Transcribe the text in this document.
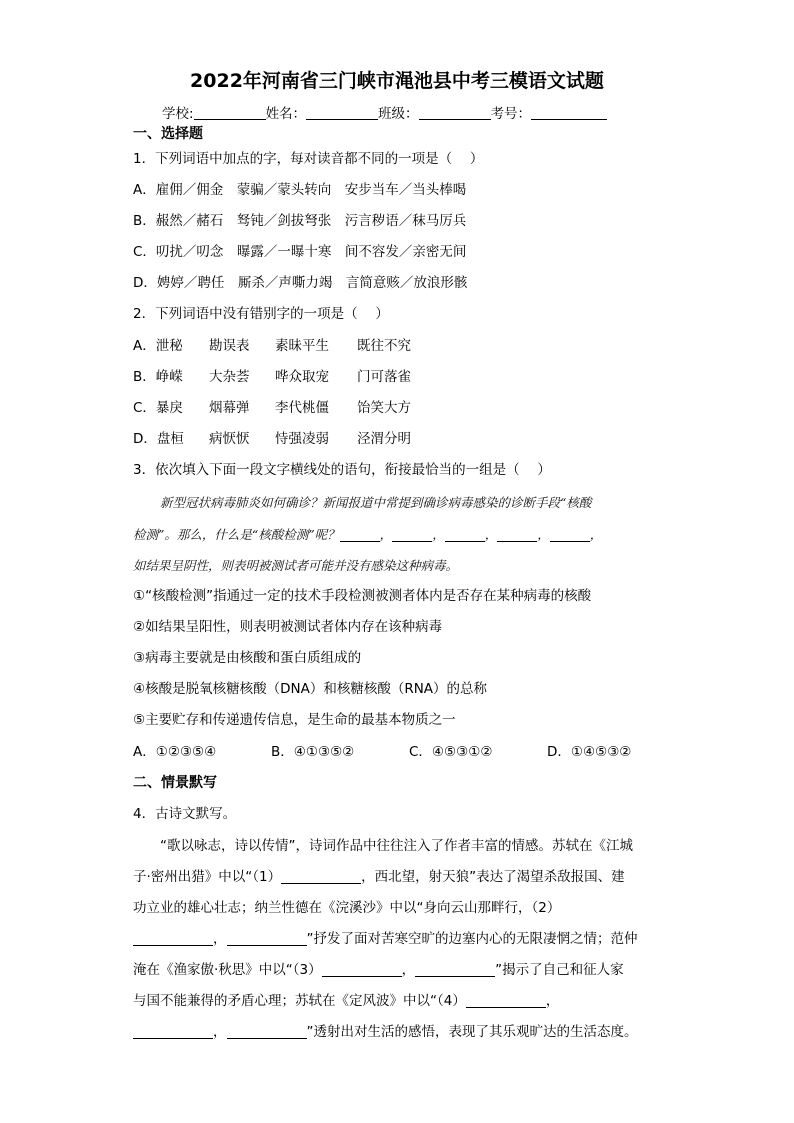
2022年河南省三门峡市渑池县中考三模语文试题
学校:	姓名：	班级：	考号：
一、选择题
1．下列词语中加点的字，每对读音都不同的一项是（　 ）
A．雇佣／佣金　蒙骗／蒙头转向　安步当车／当头棒喝
B．赧然／赭石　驽钝／剑拔弩张　污言秽语／秣马厉兵
C．叨扰／叨念　曝露／一曝十寒　间不容发／亲密无间
D．娉婷／聘任　厮杀／声嘶力竭　言简意赅／放浪形骸
2．下列词语中没有错别字的一项是（　 ）
A．泄秘 勘误表 素昧平生 既往不究
B．峥嵘 大杂荟 哗众取宠 门可落雀
C．暴戾 烟幕弹 李代桃僵 饴笑大方
D．盘桓 病恹恹 恃强凌弱 泾渭分明
3．依次填入下面一段文字横线处的语句，衔接最恰当的一组是（　 ）
新型冠状病毒肺炎如何确诊？新闻报道中常提到确诊病毒感染的诊断手段“核酸
检测”。那么，什么是“核酸检测”呢？	，	，	，	，	，
如结果呈阴性，则表明被测试者可能并没有感染这种病毒。
①“核酸检测”指通过一定的技术手段检测被测者体内是否存在某种病毒的核酸
②如结果呈阳性，则表明被测试者体内存在该种病毒
③病毒主要就是由核酸和蛋白质组成的
④核酸是脱氧核糖核酸（DNA）和核糖核酸（RNA）的总称
⑤主要贮存和传递遗传信息，是生命的最基本物质之一
A．①②③⑤④	B．④①③⑤②	C．④⑤③①②	D．①④⑤③②
二、情景默写
4．古诗文默写。
“歌以咏志，诗以传情”，诗词作品中往往注入了作者丰富的情感。苏轼在《江城
子·密州出猎》中以“（1）	，西北望，射天狼”表达了渴望杀敌报国、建
功立业的雄心壮志；纳兰性德在《浣溪沙》中以“身向云山那畔行，（2）
，	”抒发了面对苦寒空旷的边塞内心的无限凄惘之情；范仲
淹在《渔家傲·秋思》中以“（3）	，	”揭示了自己和征人家
与国不能兼得的矛盾心理；苏轼在《定风波》中以“（4）	，
，	”透射出对生活的感悟，表现了其乐观旷达的生活态度。
